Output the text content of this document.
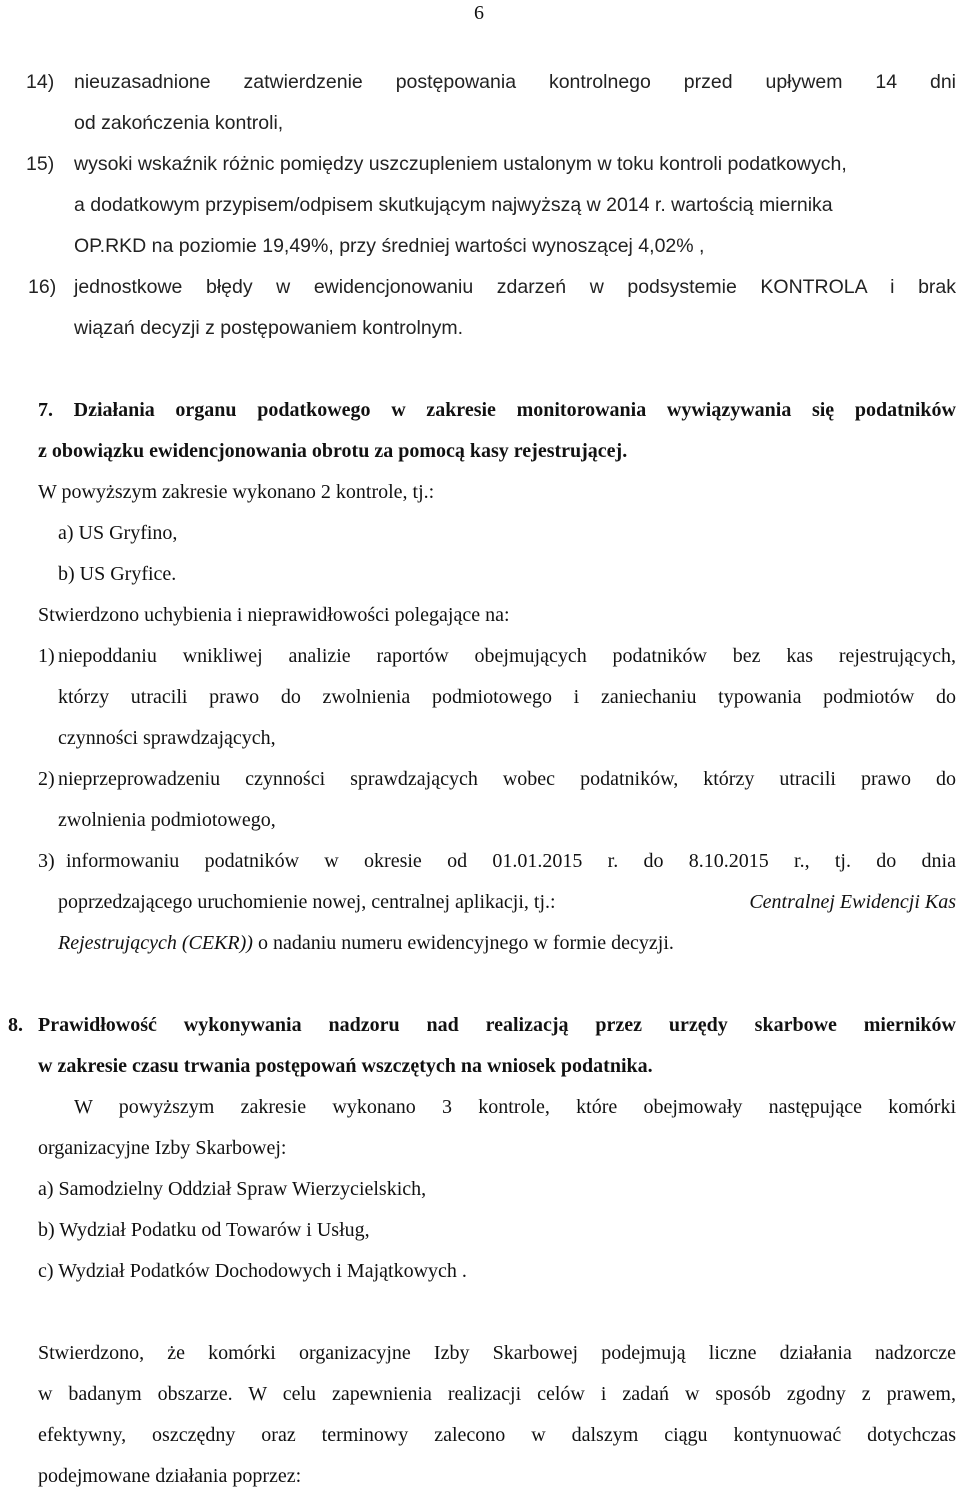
6
14) nieuzasadnione zatwierdzenie postępowania kontrolnego przed upływem 14 dni
od zakończenia kontroli,
15) wysoki wskaźnik różnic pomiędzy uszczupleniem ustalonym w toku kontroli podatkowych,
a dodatkowym przypisem/odpisem skutkującym najwyższą w 2014 r. wartością miernika
OP.RKD na poziomie 19,49%, przy średniej wartości wynoszącej 4,02% ,
16) jednostkowe błędy w ewidencjonowaniu zdarzeń w podsystemie KONTROLA i brak
wiązań decyzji z postępowaniem kontrolnym.
7. Działania organu podatkowego w zakresie monitorowania wywiązywania się podatników
z obowiązku ewidencjonowania obrotu za pomocą kasy rejestrującej.
W powyższym zakresie wykonano 2 kontrole, tj.:
a) US Gryfino,
b) US Gryfice.
Stwierdzono uchybienia i nieprawidłowości polegające na:
1) niepoddaniu wnikliwej analizie raportów obejmujących podatników bez kas rejestrujących,
którzy utracili prawo do zwolnienia podmiotowego i zaniechaniu typowania podmiotów do
czynności sprawdzających,
2) nieprzeprowadzeniu czynności sprawdzających wobec podatników, którzy utracili prawo do
zwolnienia podmiotowego,
3) informowaniu podatników w okresie od 01.01.2015 r. do 8.10.2015 r., tj. do dnia
poprzedzającego uruchomienie nowej, centralnej aplikacji, tj.:	Centralnej Ewidencji Kas
Rejestrujących (CEKR)) o nadaniu numeru ewidencyjnego w formie decyzji.
8. Prawidłowość wykonywania nadzoru nad realizacją przez urzędy skarbowe mierników
w zakresie czasu trwania postępowań wszczętych na wniosek podatnika.
W powyższym zakresie wykonano 3 kontrole, które obejmowały następujące komórki
organizacyjne Izby Skarbowej:
a) Samodzielny Oddział Spraw Wierzycielskich,
b) Wydział Podatku od Towarów i Usług,
c) Wydział Podatków Dochodowych i Majątkowych .
Stwierdzono, że komórki organizacyjne Izby Skarbowej podejmują liczne działania nadzorcze
w badanym obszarze. W celu zapewnienia realizacji celów i zadań w sposób zgodny z prawem,
efektywny, oszczędny oraz terminowy zalecono w dalszym ciągu kontynuować dotychczas
podejmowane działania poprzez:
